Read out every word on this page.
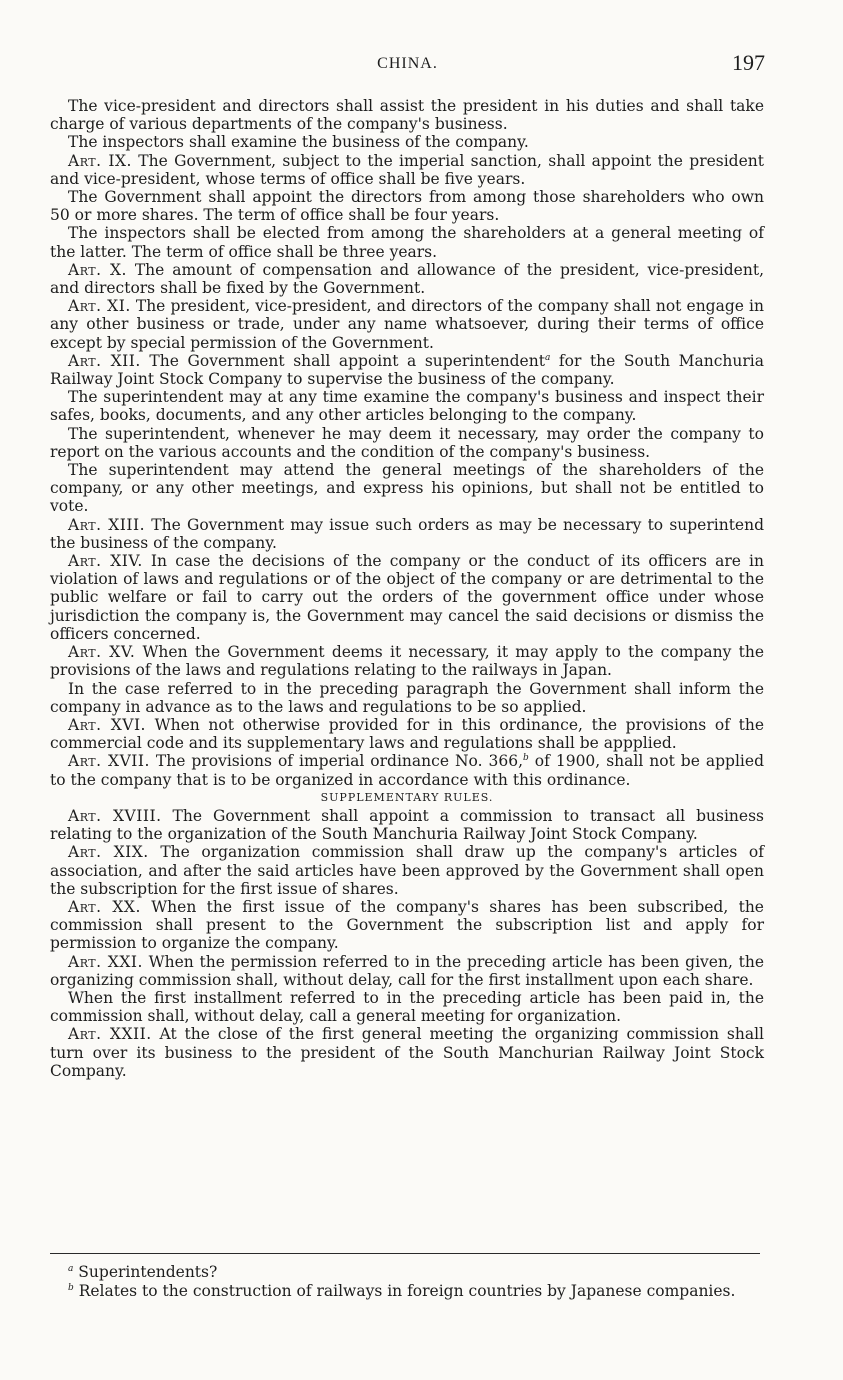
CHINA.	197

The vice-president and directors shall assist the president in his duties and shall take charge of various departments of the company's business.

The inspectors shall examine the business of the company.

Art. IX. The Government, subject to the imperial sanction, shall appoint the president and vice-president, whose terms of office shall be five years.

The Government shall appoint the directors from among those shareholders who own 50 or more shares. The term of office shall be four years.

The inspectors shall be elected from among the shareholders at a general meeting of the latter. The term of office shall be three years.

Art. X. The amount of compensation and allowance of the president, vice-president, and directors shall be fixed by the Government.

Art. XI. The president, vice-president, and directors of the company shall not engage in any other business or trade, under any name whatsoever, during their terms of office except by special permission of the Government.

Art. XII. The Government shall appoint a superintendent$^a$ for the South Manchuria Railway Joint Stock Company to supervise the business of the company.

The superintendent may at any time examine the company's business and inspect their safes, books, documents, and any other articles belonging to the company.

The superintendent, whenever he may deem it necessary, may order the company to report on the various accounts and the condition of the company's business.

The superintendent may attend the general meetings of the shareholders of the company, or any other meetings, and express his opinions, but shall not be entitled to vote.

Art. XIII. The Government may issue such orders as may be necessary to superintend the business of the company.

Art. XIV. In case the decisions of the company or the conduct of its officers are in violation of laws and regulations or of the object of the company or are detrimental to the public welfare or fail to carry out the orders of the government office under whose jurisdiction the company is, the Government may cancel the said decisions or dismiss the officers concerned.

Art. XV. When the Government deems it necessary, it may apply to the company the provisions of the laws and regulations relating to the railways in Japan.

In the case referred to in the preceding paragraph the Government shall inform the company in advance as to the laws and regulations to be so applied.

Art. XVI. When not otherwise provided for in this ordinance, the provisions of the commercial code and its supplementary laws and regulations shall be appplied.

Art. XVII. The provisions of imperial ordinance No. 366,$^b$ of 1900, shall not be applied to the company that is to be organized in accordance with this ordinance.

SUPPLEMENTARY RULES.

Art. XVIII. The Government shall appoint a commission to transact all business relating to the organization of the South Manchuria Railway Joint Stock Company.

Art. XIX. The organization commission shall draw up the company's articles of association, and after the said articles have been approved by the Government shall open the subscription for the first issue of shares.

Art. XX. When the first issue of the company's shares has been subscribed, the commission shall present to the Government the subscription list and apply for permission to organize the company.

Art. XXI. When the permission referred to in the preceding article has been given, the organizing commission shall, without delay, call for the first installment upon each share.

When the first installment referred to in the preceding article has been paid in, the commission shall, without delay, call a general meeting for organization.

Art. XXII. At the close of the first general meeting the organizing commission shall turn over its business to the president of the South Manchurian Railway Joint Stock Company.

$^a$ Superintendents?

$^b$ Relates to the construction of railways in foreign countries by Japanese companies.
